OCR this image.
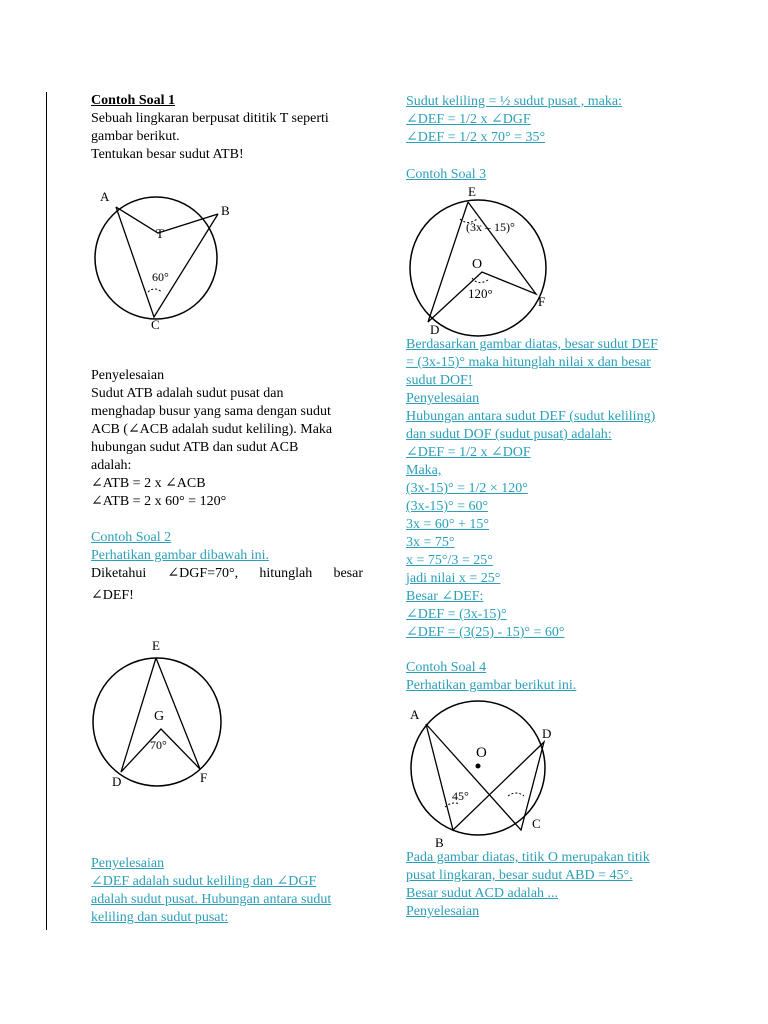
Contoh Soal 1
Sebuah lingkaran berpusat dititik T seperti
gambar berikut.
Tentukan besar sudut ATB!
A
B
T
60°
C
Penyelesaian
Sudut ATB adalah sudut pusat dan
menghadap busur yang sama dengan sudut
ACB (∠ACB adalah sudut keliling). Maka
hubungan sudut ATB dan sudut ACB
adalah:
∠ATB = 2 x ∠ACB
∠ATB = 2 x 60° = 120°
Contoh Soal 2
Perhatikan gambar dibawah ini.
Diketahui ∠DGF=70°, hitunglah besar
∠DEF!
E
G
70°
D	F
Penyelesaian
∠DEF adalah sudut keliling dan ∠DGF
adalah sudut pusat. Hubungan antara sudut
keliling dan sudut pusat:
Sudut keliling = ½ sudut pusat , maka:
∠DEF = 1/2 x ∠DGF
∠DEF = 1/2 x 70° = 35°
Contoh Soal 3
E
(3x – 15)°
O
120°
F
D
Berdasarkan gambar diatas, besar sudut DEF
= (3x-15)° maka hitunglah nilai x dan besar
sudut DOF!
Penyelesaian
Hubungan antara sudut DEF (sudut keliling)
dan sudut DOF (sudut pusat) adalah:
∠DEF = 1/2 x ∠DOF
Maka,
(3x-15)° = 1/2 × 120°
(3x-15)° = 60°
3x = 60° + 15°
3x = 75°
x = 75°/3 = 25°
jadi nilai x = 25°
Besar ∠DEF:
∠DEF = (3x-15)°
∠DEF = (3(25) - 15)° = 60°
Contoh Soal 4
Perhatikan gambar berikut ini.
A
D
O
45°
C
B
Pada gambar diatas, titik O merupakan titik
pusat lingkaran, besar sudut ABD = 45°.
Besar sudut ACD adalah ...
Penyelesaian
